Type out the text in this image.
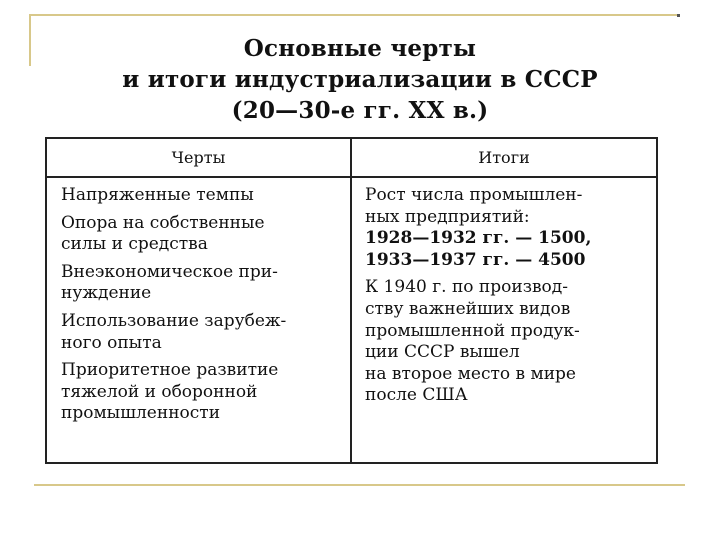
Основные черты
и итоги индустриализации в СССР
(20—30-е гг. XX в.)
Черты	Итоги
Напряженные темпы
Опора на собственные
силы и средства
Внеэкономическое при-
нуждение
Использование зарубеж-
ного опыта
Приоритетное развитие
тяжелой и оборонной
промышленности
Рост числа промышлен-
ных предприятий:
1928—1932 гг. — 1500,
1933—1937 гг. — 4500
К 1940 г. по производ-
ству важнейших видов
промышленной продук-
ции СССР вышел
на второе место в мире
после США
